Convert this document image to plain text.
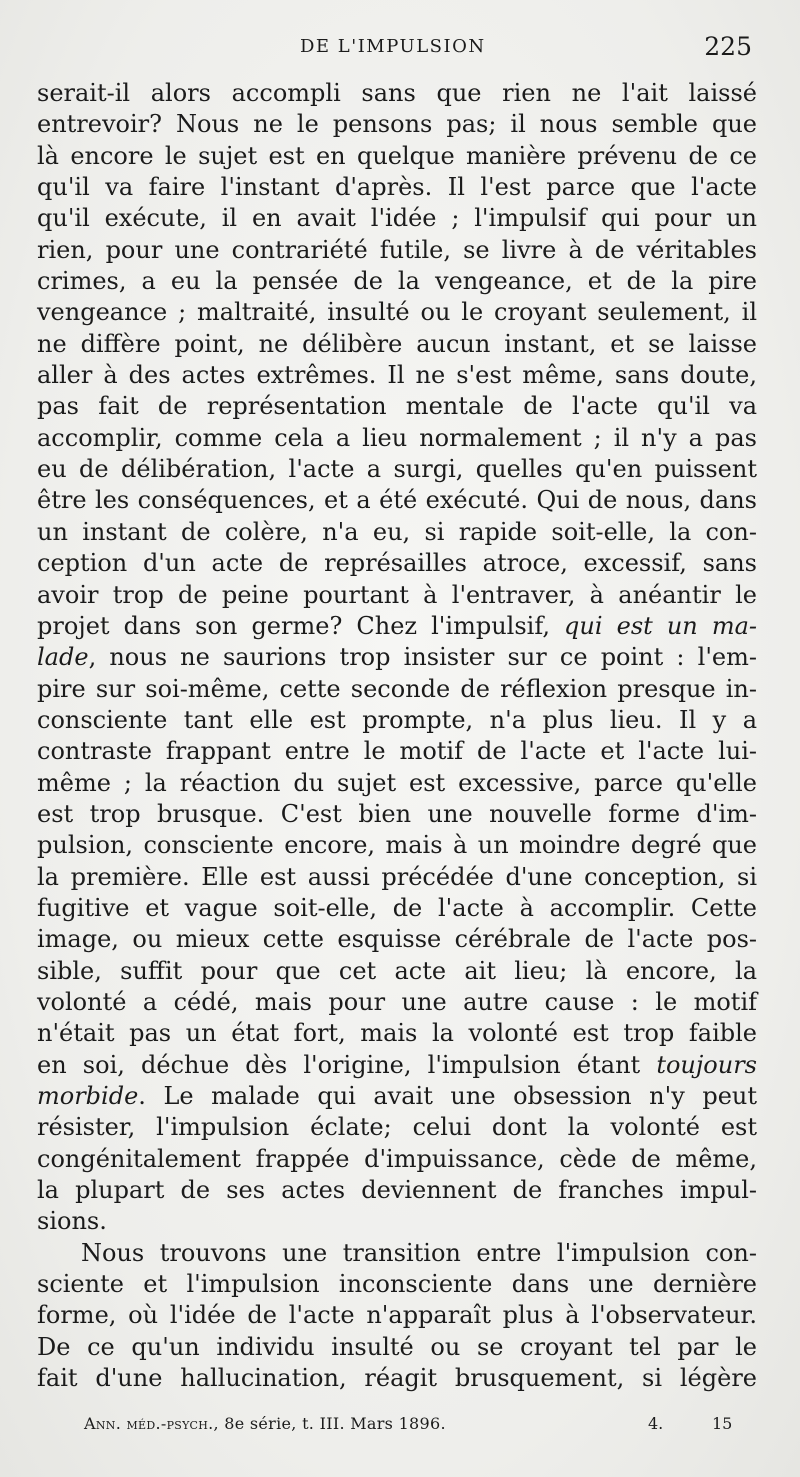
DE L'IMPULSION	225
serait-il alors accompli sans que rien ne l'ait laissé
entrevoir? Nous ne le pensons pas; il nous semble que
là encore le sujet est en quelque manière prévenu de ce
qu'il va faire l'instant d'après. Il l'est parce que l'acte
qu'il exécute, il en avait l'idée ; l'impulsif qui pour un
rien, pour une contrariété futile, se livre à de véritables
crimes, a eu la pensée de la vengeance, et de la pire
vengeance ; maltraité, insulté ou le croyant seulement, il
ne diffère point, ne délibère aucun instant, et se laisse
aller à des actes extrêmes. Il ne s'est même, sans doute,
pas fait de représentation mentale de l'acte qu'il va
accomplir, comme cela a lieu normalement ; il n'y a pas
eu de délibération, l'acte a surgi, quelles qu'en puissent
être les conséquences, et a été exécuté. Qui de nous, dans
un instant de colère, n'a eu, si rapide soit-elle, la con-
ception d'un acte de représailles atroce, excessif, sans
avoir trop de peine pourtant à l'entraver, à anéantir le
projet dans son germe? Chez l'impulsif, qui est un ma-
lade, nous ne saurions trop insister sur ce point : l'em-
pire sur soi-même, cette seconde de réflexion presque in-
consciente tant elle est prompte, n'a plus lieu. Il y a
contraste frappant entre le motif de l'acte et l'acte lui-
même ; la réaction du sujet est excessive, parce qu'elle
est trop brusque. C'est bien une nouvelle forme d'im-
pulsion, consciente encore, mais à un moindre degré que
la première. Elle est aussi précédée d'une conception, si
fugitive et vague soit-elle, de l'acte à accomplir. Cette
image, ou mieux cette esquisse cérébrale de l'acte pos-
sible, suffit pour que cet acte ait lieu; là encore, la
volonté a cédé, mais pour une autre cause : le motif
n'était pas un état fort, mais la volonté est trop faible
en soi, déchue dès l'origine, l'impulsion étant toujours
morbide. Le malade qui avait une obsession n'y peut
résister, l'impulsion éclate; celui dont la volonté est
congénitalement frappée d'impuissance, cède de même,
la plupart de ses actes deviennent de franches impul-
sions.
Nous trouvons une transition entre l'impulsion con-
sciente et l'impulsion inconsciente dans une dernière
forme, où l'idée de l'acte n'apparaît plus à l'observateur.
De ce qu'un individu insulté ou se croyant tel par le
fait d'une hallucination, réagit brusquement, si légère
Ann. méd.-psych., 8e série, t. III. Mars 1896.	4.	15
